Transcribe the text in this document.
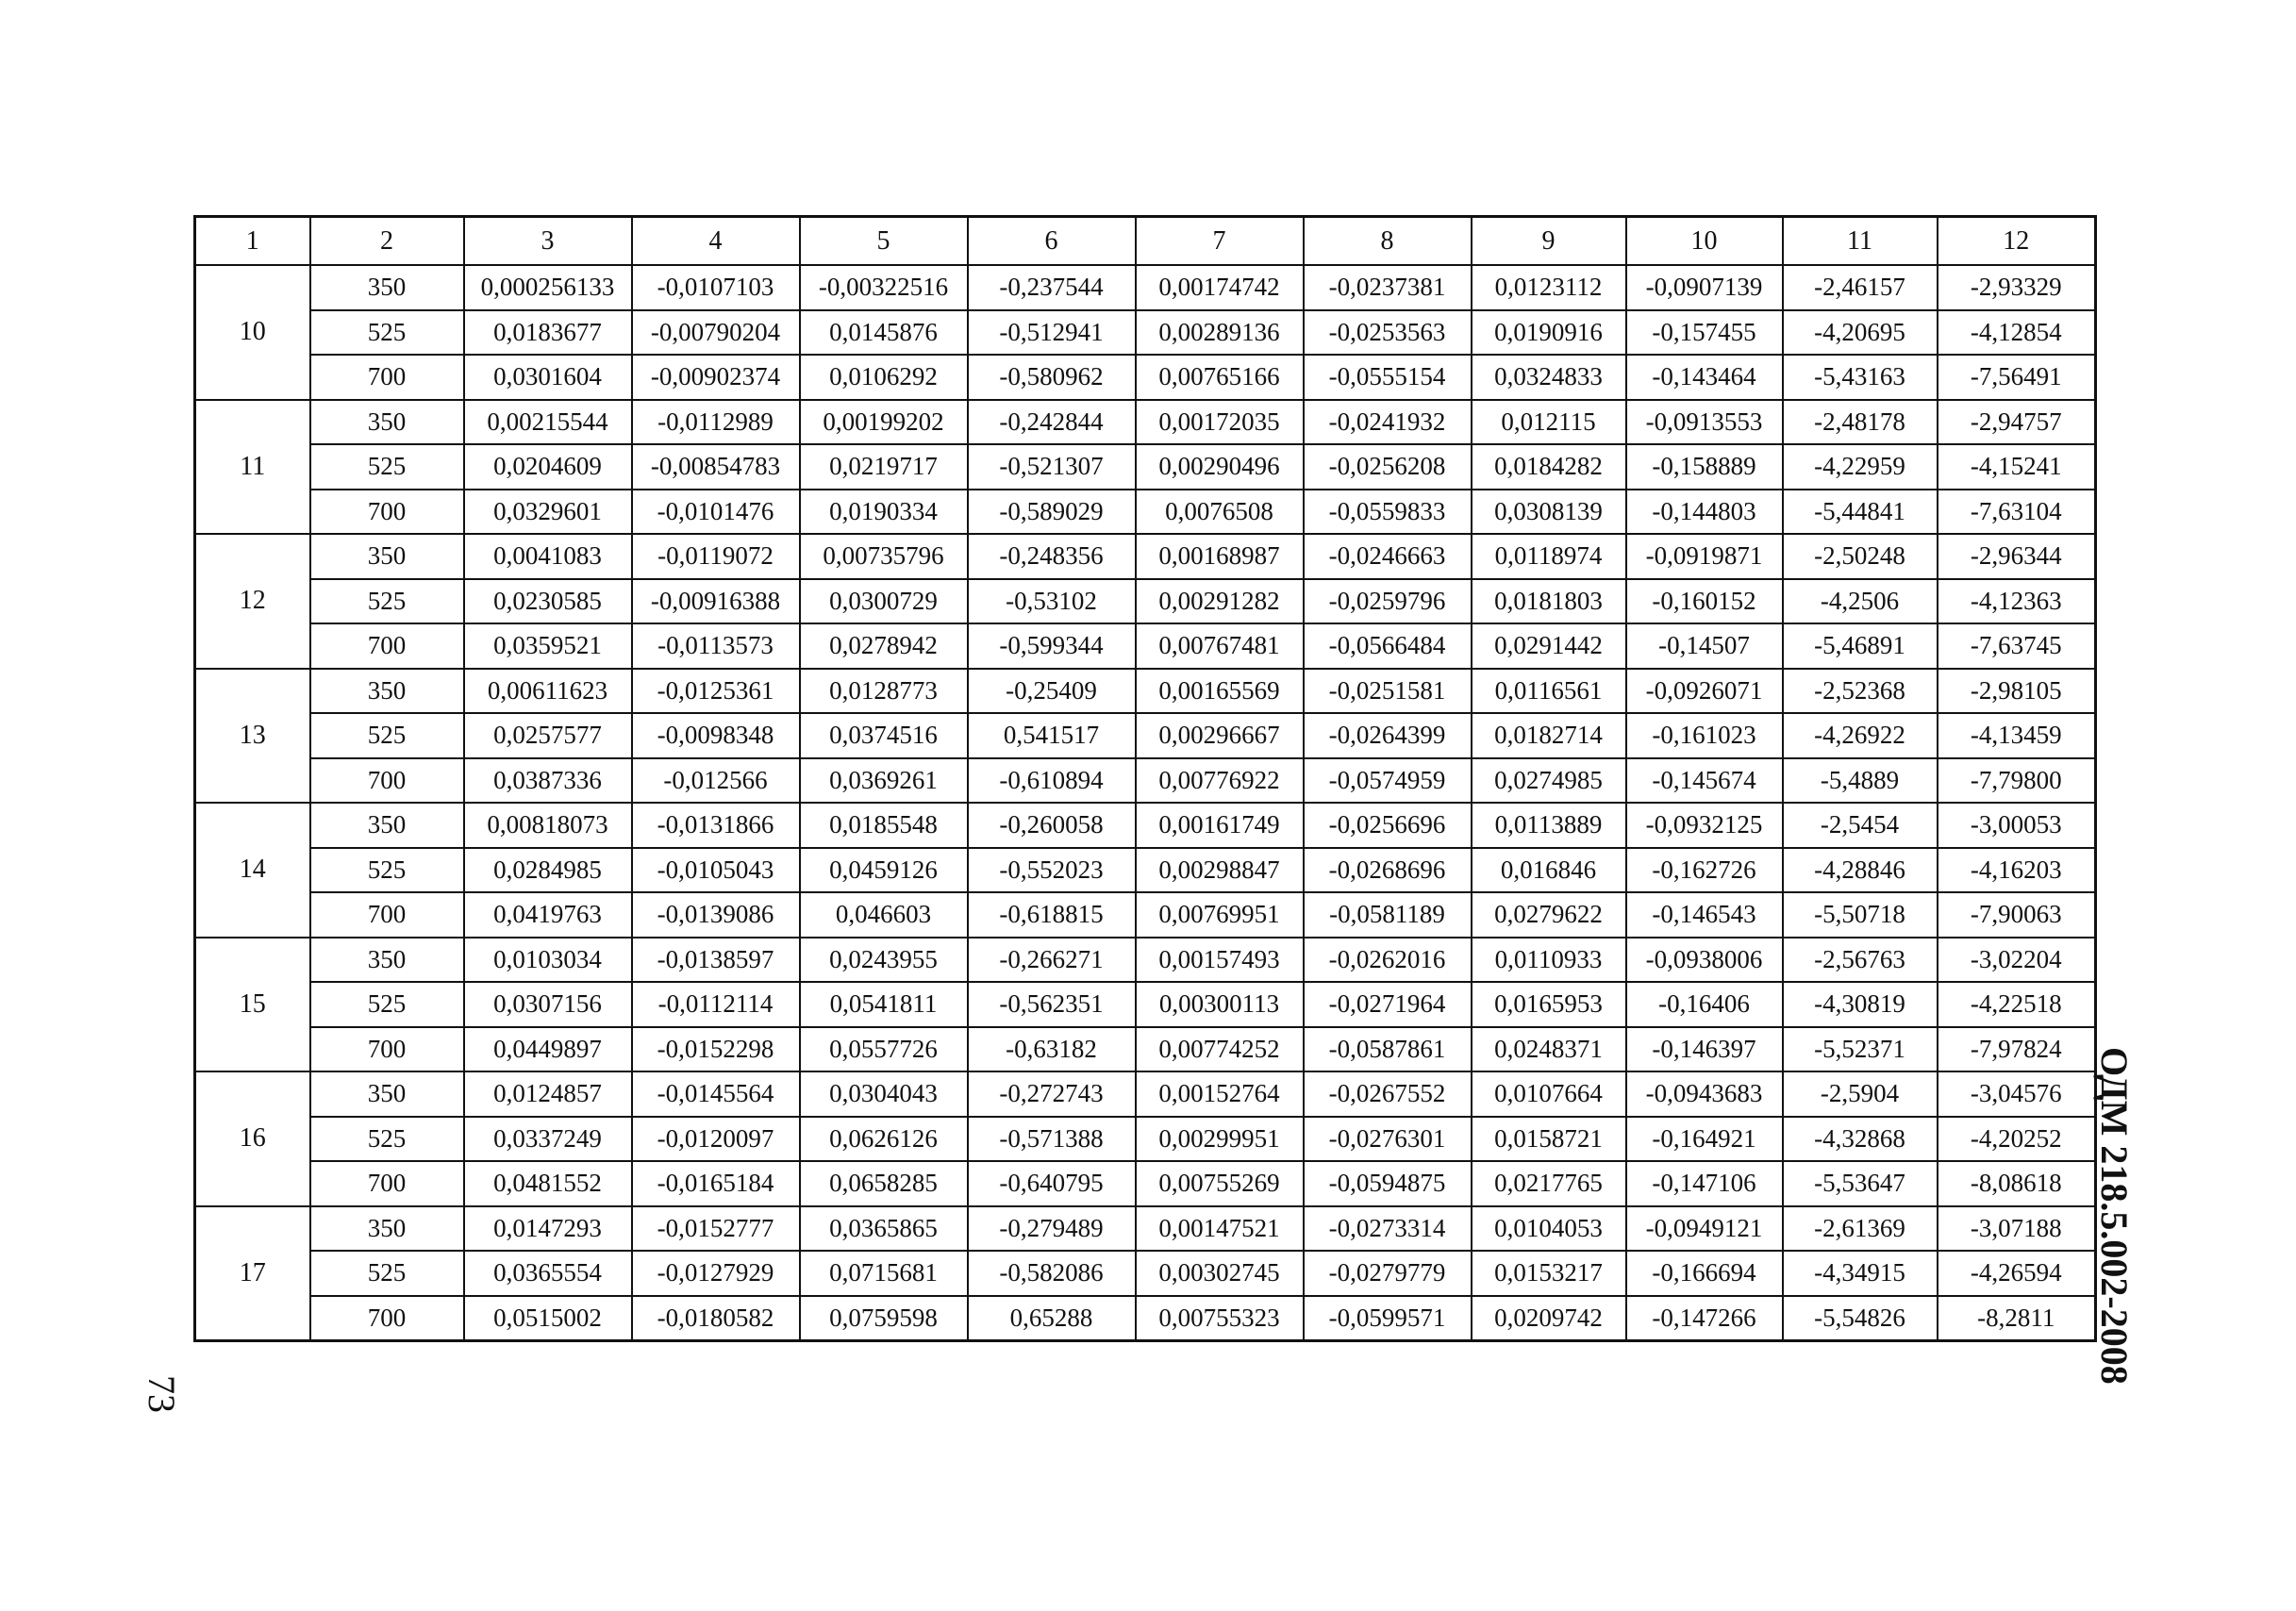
1	2	3	4	5	6	7	8	9	10	11	12
10	350	0,000256133	-0,0107103	-0,00322516	-0,237544	0,00174742	-0,0237381	0,0123112	-0,0907139	-2,46157	-2,93329
	525	0,0183677	-0,00790204	0,0145876	-0,512941	0,00289136	-0,0253563	0,0190916	-0,157455	-4,20695	-4,12854
	700	0,0301604	-0,00902374	0,0106292	-0,580962	0,00765166	-0,0555154	0,0324833	-0,143464	-5,43163	-7,56491
11	350	0,00215544	-0,0112989	0,00199202	-0,242844	0,00172035	-0,0241932	0,012115	-0,0913553	-2,48178	-2,94757
	525	0,0204609	-0,00854783	0,0219717	-0,521307	0,00290496	-0,0256208	0,0184282	-0,158889	-4,22959	-4,15241
	700	0,0329601	-0,0101476	0,0190334	-0,589029	0,0076508	-0,0559833	0,0308139	-0,144803	-5,44841	-7,63104
12	350	0,0041083	-0,0119072	0,00735796	-0,248356	0,00168987	-0,0246663	0,0118974	-0,0919871	-2,50248	-2,96344
	525	0,0230585	-0,00916388	0,0300729	-0,53102	0,00291282	-0,0259796	0,0181803	-0,160152	-4,2506	-4,12363
	700	0,0359521	-0,0113573	0,0278942	-0,599344	0,00767481	-0,0566484	0,0291442	-0,14507	-5,46891	-7,63745
13	350	0,00611623	-0,0125361	0,0128773	-0,25409	0,00165569	-0,0251581	0,0116561	-0,0926071	-2,52368	-2,98105
	525	0,0257577	-0,0098348	0,0374516	0,541517	0,00296667	-0,0264399	0,0182714	-0,161023	-4,26922	-4,13459
	700	0,0387336	-0,012566	0,0369261	-0,610894	0,00776922	-0,0574959	0,0274985	-0,145674	-5,4889	-7,79800
14	350	0,00818073	-0,0131866	0,0185548	-0,260058	0,00161749	-0,0256696	0,0113889	-0,0932125	-2,5454	-3,00053
	525	0,0284985	-0,0105043	0,0459126	-0,552023	0,00298847	-0,0268696	0,016846	-0,162726	-4,28846	-4,16203
	700	0,0419763	-0,0139086	0,046603	-0,618815	0,00769951	-0,0581189	0,0279622	-0,146543	-5,50718	-7,90063
15	350	0,0103034	-0,0138597	0,0243955	-0,266271	0,00157493	-0,0262016	0,0110933	-0,0938006	-2,56763	-3,02204
	525	0,0307156	-0,0112114	0,0541811	-0,562351	0,00300113	-0,0271964	0,0165953	-0,16406	-4,30819	-4,22518
	700	0,0449897	-0,0152298	0,0557726	-0,63182	0,00774252	-0,0587861	0,0248371	-0,146397	-5,52371	-7,97824
16	350	0,0124857	-0,0145564	0,0304043	-0,272743	0,00152764	-0,0267552	0,0107664	-0,0943683	-2,5904	-3,04576
	525	0,0337249	-0,0120097	0,0626126	-0,571388	0,00299951	-0,0276301	0,0158721	-0,164921	-4,32868	-4,20252
	700	0,0481552	-0,0165184	0,0658285	-0,640795	0,00755269	-0,0594875	0,0217765	-0,147106	-5,53647	-8,08618
17	350	0,0147293	-0,0152777	0,0365865	-0,279489	0,00147521	-0,0273314	0,0104053	-0,0949121	-2,61369	-3,07188
	525	0,0365554	-0,0127929	0,0715681	-0,582086	0,00302745	-0,0279779	0,0153217	-0,166694	-4,34915	-4,26594
	700	0,0515002	-0,0180582	0,0759598	0,65288	0,00755323	-0,0599571	0,0209742	-0,147266	-5,54826	-8,2811 ОДМ 218.5.002-2008
73
